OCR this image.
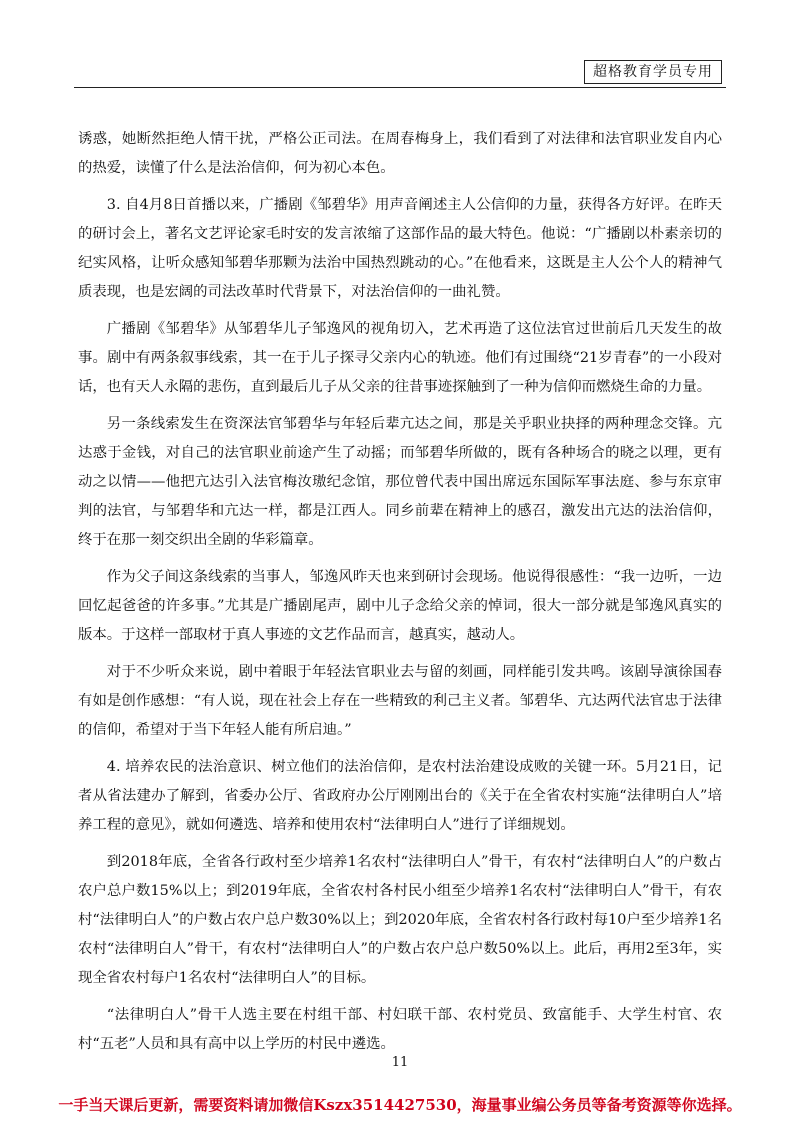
超格教育学员专用

诱惑，她断然拒绝人情干扰，严格公正司法。在周春梅身上，我们看到了对法律和法官职业发自内心的热爱，读懂了什么是法治信仰，何为初心本色。

3. 自4月8日首播以来，广播剧《邹碧华》用声音阐述主人公信仰的力量，获得各方好评。在昨天的研讨会上，著名文艺评论家毛时安的发言浓缩了这部作品的最大特色。他说：“广播剧以朴素亲切的纪实风格，让听众感知邹碧华那颗为法治中国热烈跳动的心。”在他看来，这既是主人公个人的精神气质表现，也是宏阔的司法改革时代背景下，对法治信仰的一曲礼赞。

广播剧《邹碧华》从邹碧华儿子邹逸风的视角切入，艺术再造了这位法官过世前后几天发生的故事。剧中有两条叙事线索，其一在于儿子探寻父亲内心的轨迹。他们有过围绕“21岁青春”的一小段对话，也有天人永隔的悲伤，直到最后儿子从父亲的往昔事迹探触到了一种为信仰而燃烧生命的力量。

另一条线索发生在资深法官邹碧华与年轻后辈亢达之间，那是关乎职业抉择的两种理念交锋。亢达惑于金钱，对自己的法官职业前途产生了动摇；而邹碧华所做的，既有各种场合的晓之以理，更有动之以情——他把亢达引入法官梅汝璈纪念馆，那位曾代表中国出席远东国际军事法庭、参与东京审判的法官，与邹碧华和亢达一样，都是江西人。同乡前辈在精神上的感召，激发出亢达的法治信仰，终于在那一刻交织出全剧的华彩篇章。

作为父子间这条线索的当事人，邹逸风昨天也来到研讨会现场。他说得很感性：“我一边听，一边回忆起爸爸的许多事。”尤其是广播剧尾声，剧中儿子念给父亲的悼词，很大一部分就是邹逸风真实的版本。于这样一部取材于真人事迹的文艺作品而言，越真实，越动人。

对于不少听众来说，剧中着眼于年轻法官职业去与留的刻画，同样能引发共鸣。该剧导演徐国春有如是创作感想：“有人说，现在社会上存在一些精致的利己主义者。邹碧华、亢达两代法官忠于法律的信仰，希望对于当下年轻人能有所启迪。”

4. 培养农民的法治意识、树立他们的法治信仰，是农村法治建设成败的关键一环。5月21日，记者从省法建办了解到，省委办公厅、省政府办公厅刚刚出台的《关于在全省农村实施“法律明白人”培养工程的意见》，就如何遴选、培养和使用农村“法律明白人”进行了详细规划。

到2018年底，全省各行政村至少培养1名农村“法律明白人”骨干，有农村“法律明白人”的户数占农户总户数15%以上；到2019年底，全省农村各村民小组至少培养1名农村“法律明白人”骨干，有农村“法律明白人”的户数占农户总户数30%以上；到2020年底，全省农村各行政村每10户至少培养1名农村“法律明白人”骨干，有农村“法律明白人”的户数占农户总户数50%以上。此后，再用2至3年，实现全省农村每户1名农村“法律明白人”的目标。

“法律明白人”骨干人选主要在村组干部、村妇联干部、农村党员、致富能手、大学生村官、农村“五老”人员和具有高中以上学历的村民中遴选。

11
一手当天课后更新，需要资料请加微信Kszx3514427530，海量事业编公务员等备考资源等你选择。
